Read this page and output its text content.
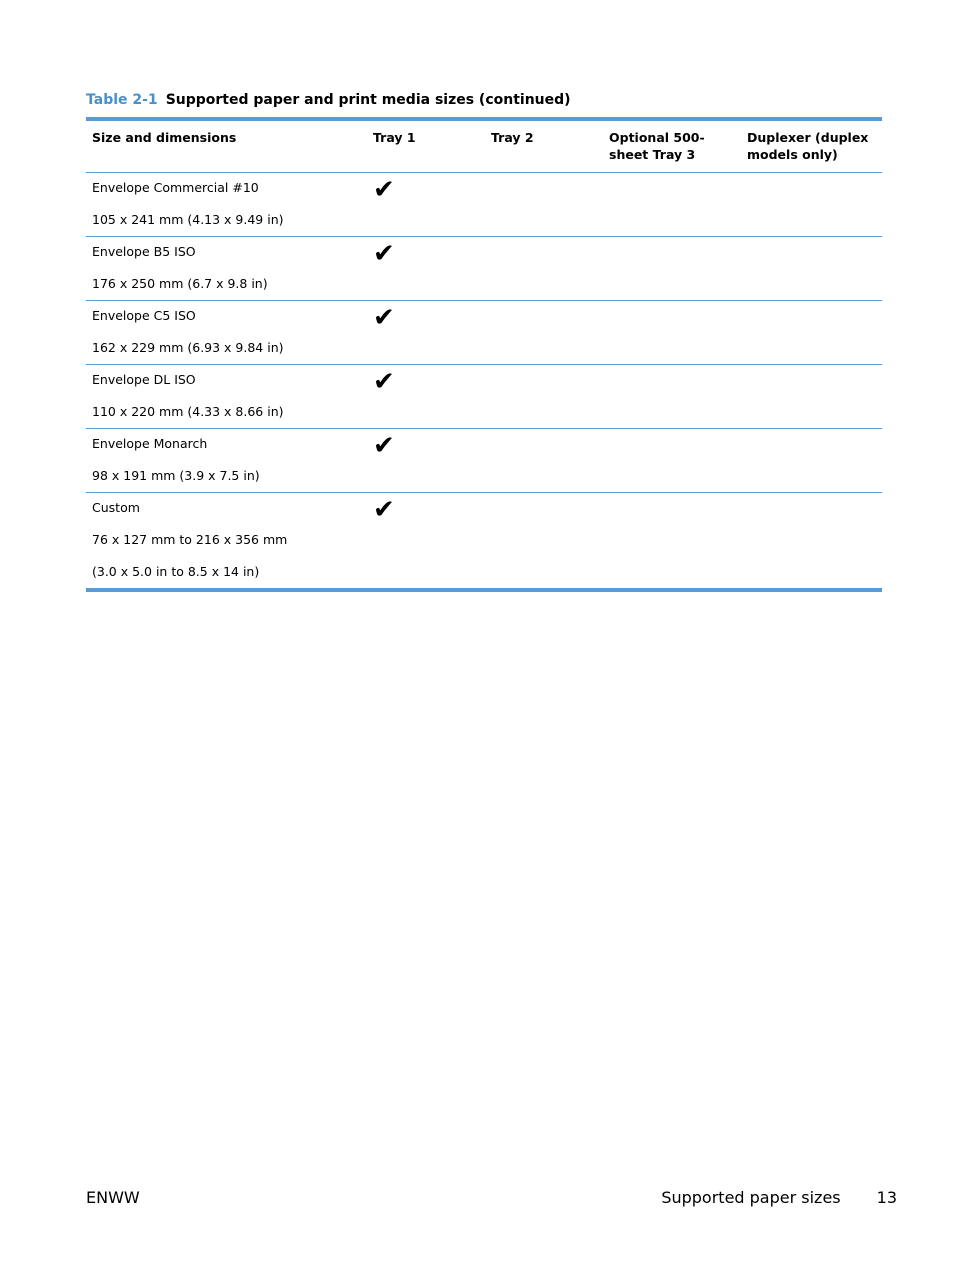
Table 2-1 Supported paper and print media sizes (continued)
Size and dimensions	Tray 1	Tray 2	Optional 500-sheet Tray 3	Duplexer (duplex models only)

Envelope Commercial #10
105 x 241 mm (4.13 x 9.49 in)	✔			

Envelope B5 ISO
176 x 250 mm (6.7 x 9.8 in)	✔			

Envelope C5 ISO
162 x 229 mm (6.93 x 9.84 in)	✔			

Envelope DL ISO
110 x 220 mm (4.33 x 8.66 in)	✔			

Envelope Monarch
98 x 191 mm (3.9 x 7.5 in)	✔			

Custom
76 x 127 mm to 216 x 356 mm
(3.0 x 5.0 in to 8.5 x 14 in)	✔			
ENWW	Supported paper sizes 13
